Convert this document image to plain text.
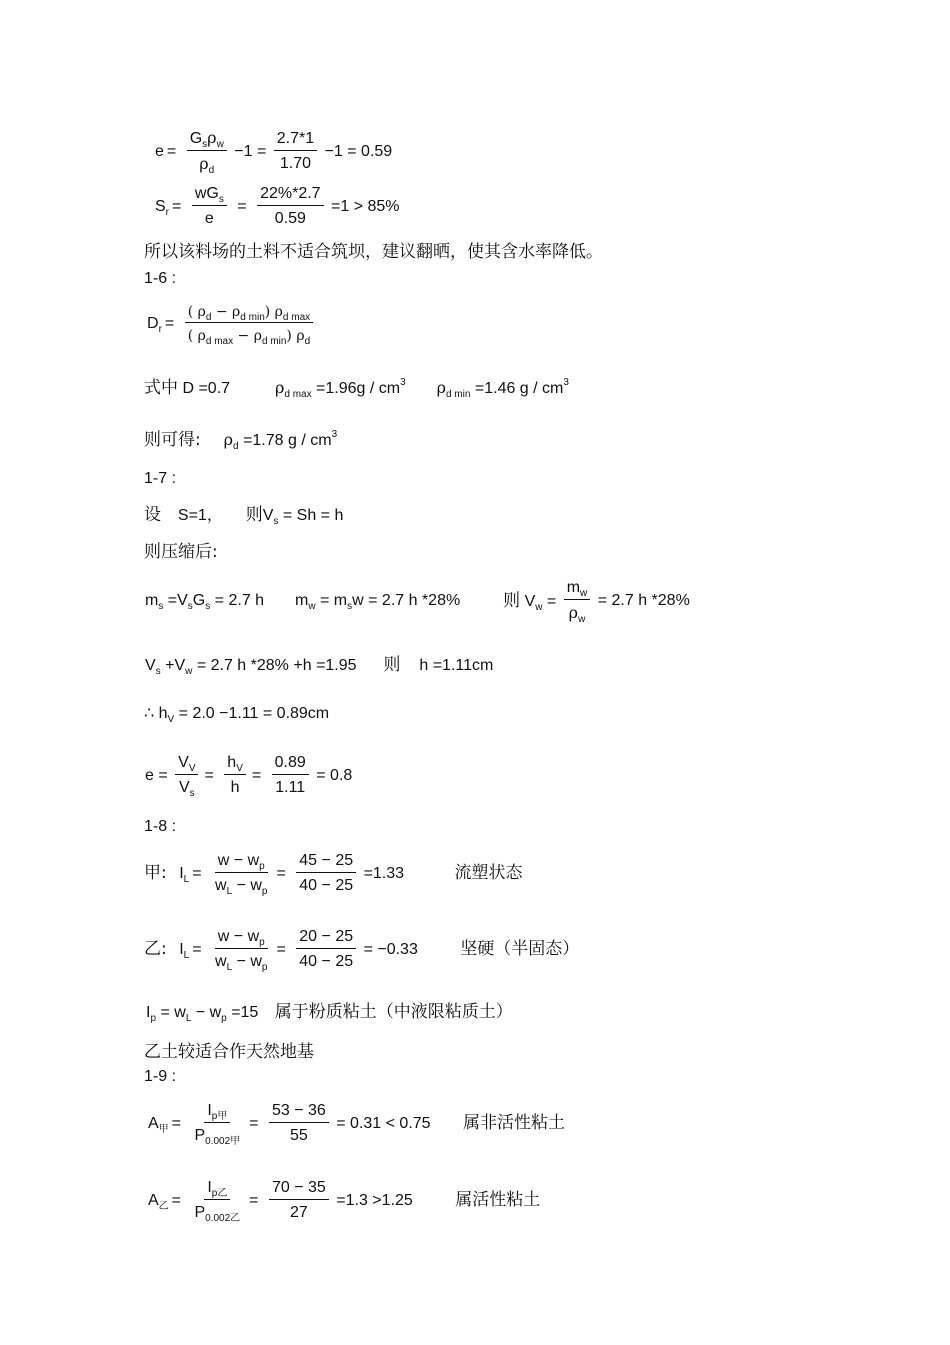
$e = \frac{G_s\rho_w}{\rho_d} -1 = \frac{2.7*1}{1.70} -1 = 0.59$
$S_r = \frac{wG_s}{e} = \frac{22\%*2.7}{0.59} =1 > 85\%$
所以该料场的土料不适合筑坝，建议翻晒，使其含水率降低。
1-6 :
$D_r = \frac{( \rho_d - \rho_{d min}) \rho_{d max}}{( \rho_{d max} - \rho_{d min}) \rho_d}$
式中 D =0.7	$\rho_{d max} =1.96g / cm^3$ $\rho_{d min} =1.46$ g / $cm^3$
则可得: $\rho_d =1.78$ g / $cm^3$
1-7 :
设 S=1， 则$V_s = Sh = h$
则压缩后:
$m_s =V_sG_s = 2.7$ h $m_w = m_sw = 2.7$ h *28%	则 $V_w = \frac{m_w}{\rho_w} = 2.7$ h *28%
$V_s +V_w = 2.7$ h *28% +h =1.95 则 h =1.11cm
∴ $h_V = 2.0 -1.11 = 0.89cm$
$e = \frac{V_V}{V_s} = \frac{h_V}{h} = \frac{0.89}{1.11} = 0.8$
1-8 :
甲: $I_L = \frac{w - w_p}{w_L - w_p} = \frac{45 - 25}{40 - 25} =1.33$	流塑状态
乙: $I_L = \frac{w - w_p}{w_L - w_p} = \frac{20 - 25}{40 - 25} = -0.33$ 坚硬（半固态）
$I_p = w_L - w_p =15$ 属于粉质粘土（中液限粘质土）
乙土较适合作天然地基
1-9 :
$A_甲 = \frac{I_{p甲}}{P_{0.002甲}} = \frac{53 - 36}{55} = 0.31 < 0.75$ 属非活性粘土
$A_乙 = \frac{I_{p乙}}{P_{0.002乙}} = \frac{70 - 35}{27} =1.3 >1.25$ 属活性粘土
